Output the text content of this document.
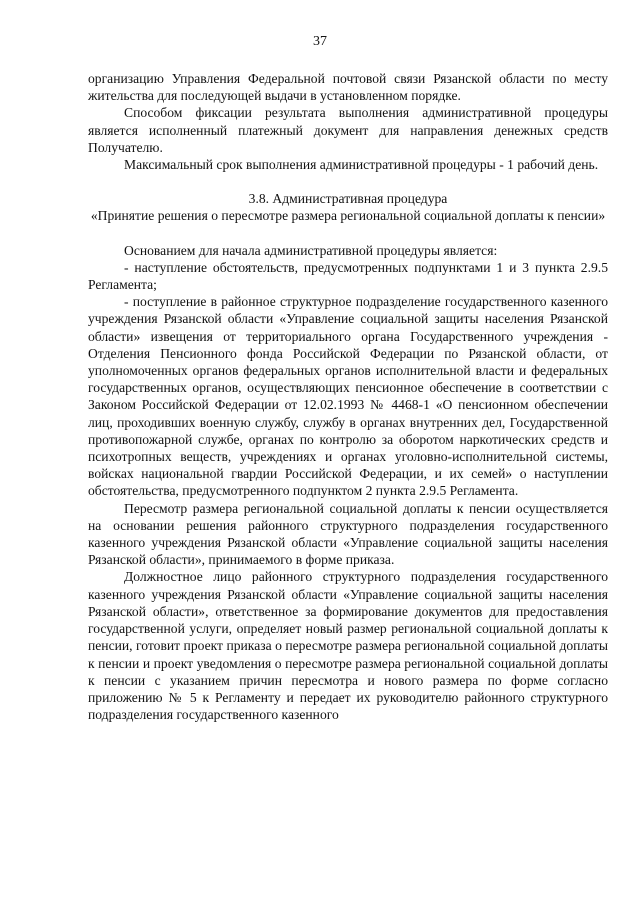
37

организацию Управления Федеральной почтовой связи Рязанской области по месту жительства для последующей выдачи в установленном порядке.

Способом фиксации результата выполнения административной процедуры является исполненный платежный документ для направления денежных средств Получателю.

Максимальный срок выполнения административной процедуры - 1 рабочий день.

3.8. Административная процедура

«Принятие решения о пересмотре размера региональной социальной доплаты к пенсии»

Основанием для начала административной процедуры является:

- наступление обстоятельств, предусмотренных подпунктами 1 и 3 пункта 2.9.5 Регламента;

- поступление в районное структурное подразделение государственного казенного учреждения Рязанской области «Управление социальной защиты населения Рязанской области» извещения от территориального органа Государственного учреждения - Отделения Пенсионного фонда Российской Федерации по Рязанской области, от уполномоченных органов федеральных органов исполнительной власти и федеральных государственных органов, осуществляющих пенсионное обеспечение в соответствии с Законом Российской Федерации от 12.02.1993 № 4468-1 «О пенсионном обеспечении лиц, проходивших военную службу, службу в органах внутренних дел, Государственной противопожарной службе, органах по контролю за оборотом наркотических средств и психотропных веществ, учреждениях и органах уголовно-исполнительной системы, войсках национальной гвардии Российской Федерации, и их семей» о наступлении обстоятельства, предусмотренного подпунктом 2 пункта 2.9.5 Регламента.

Пересмотр размера региональной социальной доплаты к пенсии осуществляется на основании решения районного структурного подразделения государственного казенного учреждения Рязанской области «Управление социальной защиты населения Рязанской области», принимаемого в форме приказа.

Должностное лицо районного структурного подразделения государственного казенного учреждения Рязанской области «Управление социальной защиты населения Рязанской области», ответственное за формирование документов для предоставления государственной услуги, определяет новый размер региональной социальной доплаты к пенсии, готовит проект приказа о пересмотре размера региональной социальной доплаты к пенсии и проект уведомления о пересмотре размера региональной социальной доплаты к пенсии с указанием причин пересмотра и нового размера по форме согласно приложению № 5 к Регламенту и передает их руководителю районного структурного подразделения государственного казенного
